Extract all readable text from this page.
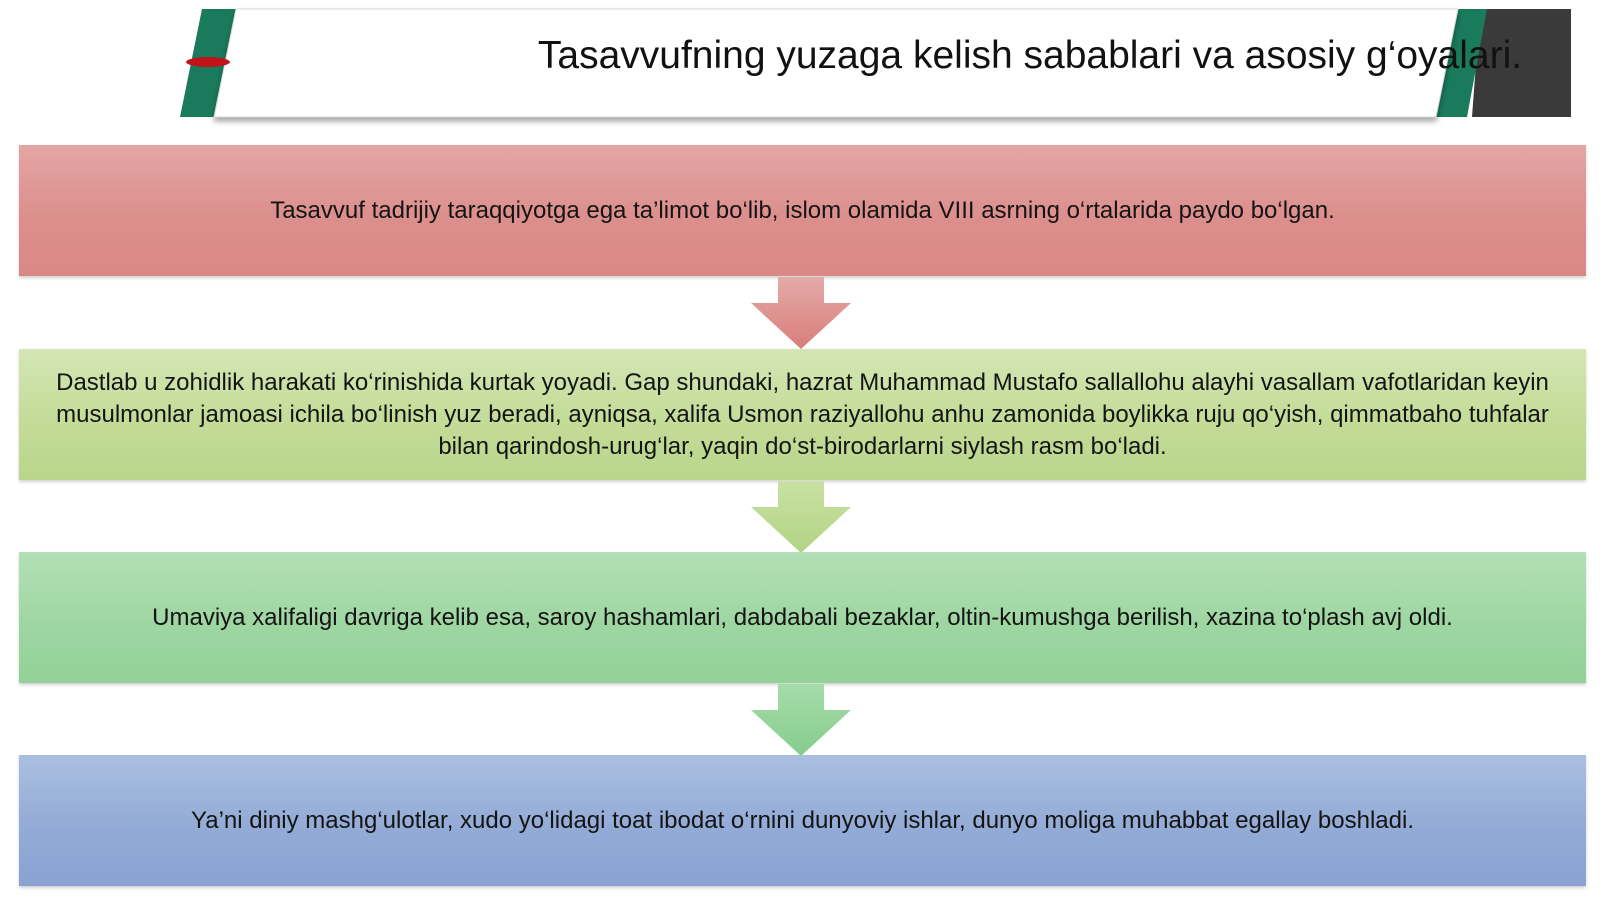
Tasavvufning yuzaga kelish sabablari va asosiy g‘oyalari.
Tasavvuf tadrijiy taraqqiyotga ega ta’limot bo‘lib, islom olamida VIII asrning o‘rtalarida paydo bo‘lgan.
Dastlab u zohidlik harakati ko‘rinishida kurtak yoyadi. Gap shundaki, hazrat Muhammad Mustafo sallallohu alayhi vasallam vafotlaridan keyin musulmonlar jamoasi ichila bo‘linish yuz beradi, ayniqsa, xalifa Usmon raziyallohu anhu zamonida boylikka ruju qo‘yish, qimmatbaho tuhfalar bilan qarindosh-urug‘lar, yaqin do‘st-birodarlarni siylash rasm bo‘ladi.
Umaviya xalifaligi davriga kelib esa, saroy hashamlari, dabdabali bezaklar, oltin-kumushga berilish, xazina to‘plash avj oldi.
Ya’ni diniy mashg‘ulotlar, xudo yo‘lidagi toat ibodat o‘rnini dunyoviy ishlar, dunyo moliga muhabbat egallay boshladi.
